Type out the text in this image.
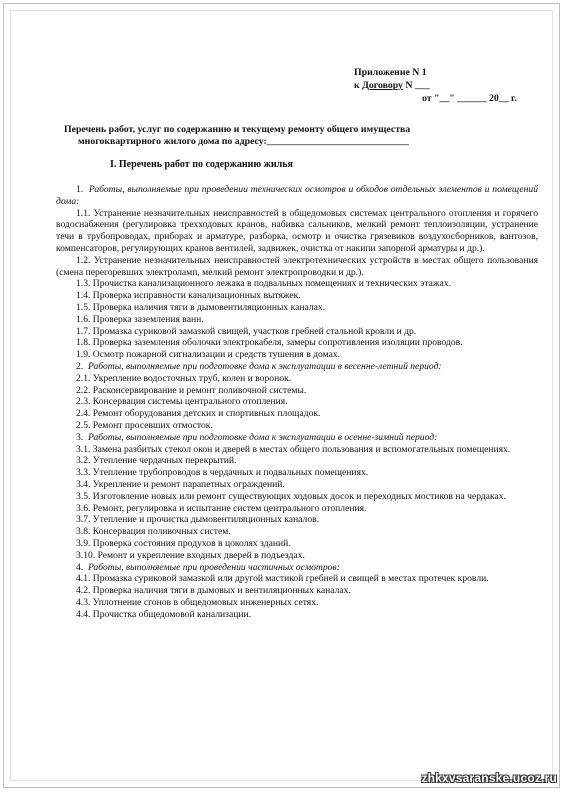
Приложение N 1
к Договору N ___
от "__" ______ 20__ г.
Перечень работ, услуг по содержанию и текущему ремонту общего имущества
многоквартирного жилого дома по адресу:_____________________________
I. Перечень работ по содержанию жилья

1. Работы, выполняемые при проведении технических осмотров и обходов отдельных элементов и помещений дома:

1.1. Устранение незначительных неисправностей в общедомовых системах центрального отопления и горячего водоснабжения (регулировка трехходовых кранов, набивка сальников, мелкий ремонт теплоизоляции, устранение течи в трубопроводах, приборах и арматуре, разборка, осмотр и очистка грязевиков воздухосборников, вантозов, компенсаторов, регулирующих кранов вентилей, задвижек, очистка от накипи запорной арматуры и др.).

1.2. Устранение незначительных неисправностей электротехнических устройств в местах общего пользования (смена перегоревших электроламп, мелкий ремонт электропроводки и др.).

1.3. Прочистка канализационного лежака в подвальных помещениях и технических этажах.

1.4. Проверка исправности канализационных вытяжек.

1.5. Проверка наличия тяги в дымовентиляционных каналах.

1.6. Проверка заземления ванн.

1.7. Промазка суриковой замазкой свищей, участков гребней стальной кровли и др.

1.8. Проверка заземления оболочки электрокабеля, замеры сопротивления изоляции проводов.

1.9. Осмотр пожарной сигнализации и средств тушения в домах.

2. Работы, выполняемые при подготовке дома к эксплуатации в весенне-летний период:

2.1. Укрепление водосточных труб, колен и воронок.

2.2. Расконсервирование и ремонт поливочной системы.

2.3. Консервация системы центрального отопления.

2.4. Ремонт оборудования детских и спортивных площадок.

2.5. Ремонт просевших отмосток.

3. Работы, выполняемые при подготовке дома к эксплуатации в осенне-зимний период:

3.1. Замена разбитых стекол окон и дверей в местах общего пользования и вспомогательных помещениях.

3.2. Утепление чердачных перекрытий.

3.3. Утепление трубопроводов в чердачных и подвальных помещениях.

3.4. Укрепление и ремонт парапетных ограждений.

3.5. Изготовление новых или ремонт существующих ходовых досок и переходных мостиков на чердаках.

3.6. Ремонт, регулировка и испытание систем центрального отопления.

3.7. Утепление и прочистка дымовентиляционных каналов.

3.8. Консервация поливочных систем.

3.9. Проверка состояния продухов в цоколях зданий.

3.10. Ремонт и укрепление входных дверей в подъездах.

4. Работы, выполняемые при проведении частичных осмотров:

4.1. Промазка суриковой замазкой или другой мастикой гребней и свищей в местах протечек кровли.

4.2. Проверка наличия тяги в дымовых и вентиляционных каналах.

4.3. Уплотнение сгонов в общедомовых инженерных сетях.

4.4. Прочистка общедомовой канализации.

zhkxvsaranske.ucoz.ru
